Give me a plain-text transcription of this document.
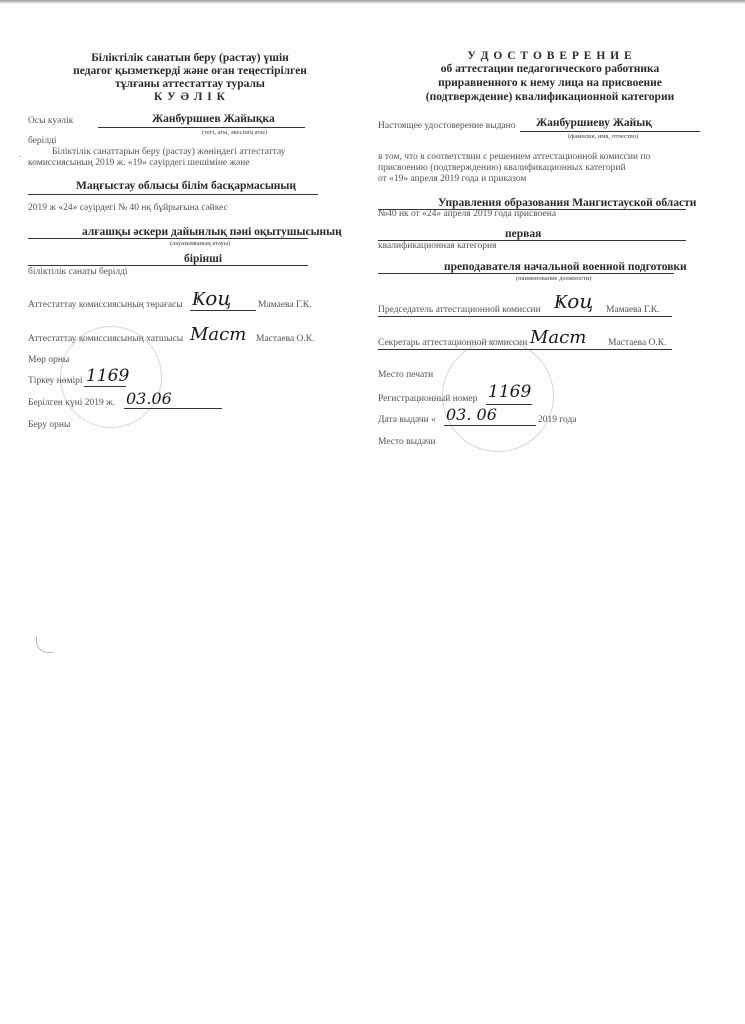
Біліктілік санатын беру (растау) үшін
педагог қызметкерді және оған теңестірілген
тұлғаны аттестаттау туралы
К У Ә Л І К
Осы куәлік	Жанбуршиев Жайықка
(тегі, аты, әкесінің аты)
берілді
Біліктілік санаттарын беру (растау) жөніндегі аттестаттау
комиссиясының 2019 ж. «19» сәуірдегі шешіміне және
·
Маңғыстау облысы білім басқармасының
2019 ж «24» сәуірдегі № 40 нқ бұйрығына сәйкес
алғашқы әскери дайынлық пәні оқытушысының
(лауазымының атауы)
бірінші
біліктілік санаты берілді
Аттестаттау комиссиясының төрағасы Ҝоц	Мамаева Г.К.
Аттестаттау комиссиясының хатшысы Масm Мастаева О.К.
Мөр орны
Тіркеу нөмірі 1169
Берілген күні 2019 ж. 03.06
Беру орны
У Д О С Т О В Е Р Е Н И Е
об аттестации педагогического работника
приравненного к нему лица на присвоение
(подтверждение) квалификационной категории
Настоящее удостоверение выдано Жанбуршиеву Жайық
(фамилия, имя, отчество)
в том, что в соответствии с решением аттестационной комиссии по
присвоению (подтверждению) квалификационных категорий
от «19» апреля 2019 года и приказом
Управления образования Мангистауской области
№40 нк от «24» апреля 2019 года присвоена
первая
квалификационная категория
преподавателя начальной военной подготовки
(наименование должности)
Председатель аттестационной комиссии Ҝоц Мамаева Г.К.
Секретарь аттестационной комиссии Масm Мастаева О.К.
Место печати
Регистрационный номер 1169
Дата выдачи « 03. 06	2019 года
Место выдачи
